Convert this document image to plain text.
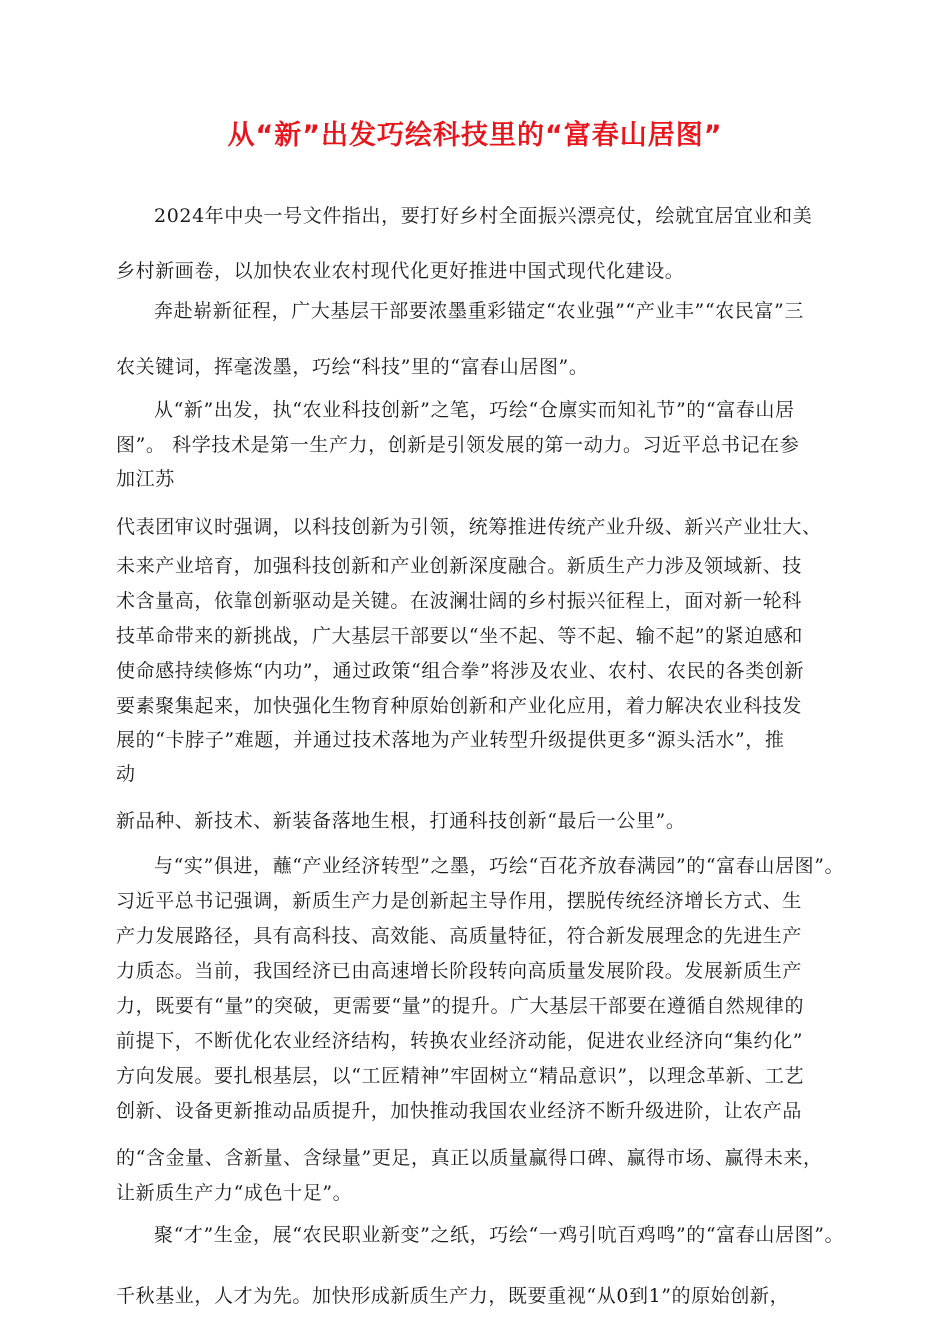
从“新”出发巧绘科技里的“富春山居图”
2024年中央一号文件指出，要打好乡村全面振兴漂亮仗，绘就宜居宜业和美
乡村新画卷，以加快农业农村现代化更好推进中国式现代化建设。
奔赴崭新征程，广大基层干部要浓墨重彩锚定“农业强”“产业丰”“农民富”三
农关键词，挥毫泼墨，巧绘“科技”里的“富春山居图”。
从“新”出发，执“农业科技创新”之笔，巧绘“仓廪实而知礼节”的“富春山居
图”。 科学技术是第一生产力，创新是引领发展的第一动力。习近平总书记在参
加江苏
代表团审议时强调，以科技创新为引领，统筹推进传统产业升级、新兴产业壮大、
未来产业培育，加强科技创新和产业创新深度融合。新质生产力涉及领域新、技
术含量高，依靠创新驱动是关键。在波澜壮阔的乡村振兴征程上，面对新一轮科
技革命带来的新挑战，广大基层干部要以“坐不起、等不起、输不起”的紧迫感和
使命感持续修炼“内功”，通过政策“组合拳”将涉及农业、农村、农民的各类创新
要素聚集起来，加快强化生物育种原始创新和产业化应用，着力解决农业科技发
展的“卡脖子”难题，并通过技术落地为产业转型升级提供更多“源头活水”，推
动
新品种、新技术、新装备落地生根，打通科技创新“最后一公里”。
与“实”俱进，蘸“产业经济转型”之墨，巧绘“百花齐放春满园”的“富春山居图”。
习近平总书记强调，新质生产力是创新起主导作用，摆脱传统经济增长方式、生
产力发展路径，具有高科技、高效能、高质量特征，符合新发展理念的先进生产
力质态。当前，我国经济已由高速增长阶段转向高质量发展阶段。发展新质生产
力，既要有“量”的突破，更需要“量”的提升。广大基层干部要在遵循自然规律的
前提下，不断优化农业经济结构，转换农业经济动能，促进农业经济向“集约化”
方向发展。要扎根基层，以“工匠精神”牢固树立“精品意识”，以理念革新、工艺
创新、设备更新推动品质提升，加快推动我国农业经济不断升级进阶，让农产品
的“含金量、含新量、含绿量”更足，真正以质量赢得口碑、赢得市场、赢得未来，
让新质生产力“成色十足”。
聚“才”生金，展“农民职业新变”之纸，巧绘“一鸡引吭百鸡鸣”的“富春山居图”。
千秋基业，人才为先。加快形成新质生产力，既要重视“从0到1”的原始创新，
